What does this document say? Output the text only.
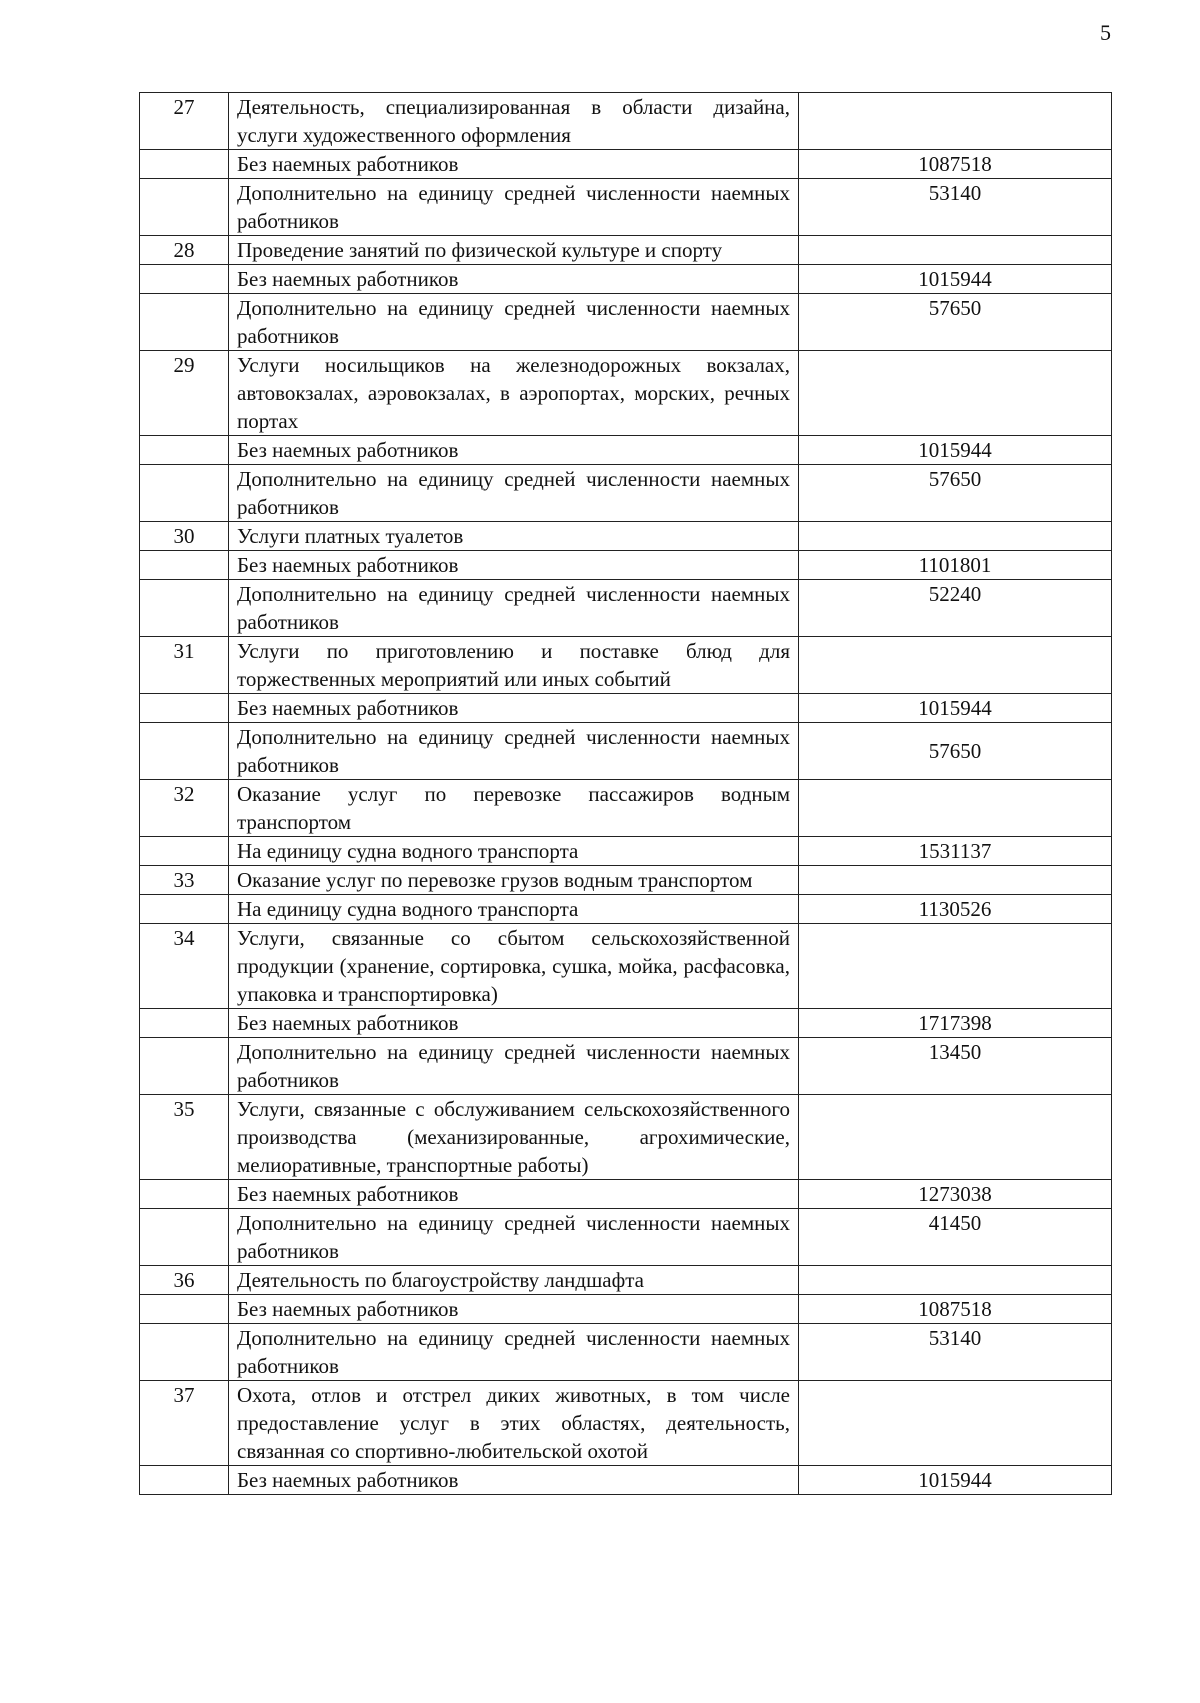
5
27	Деятельность, специализированная в области дизайна, услуги художественного оформления	
	Без наемных работников	1087518
	Дополнительно на единицу средней численности наемных работников	53140
28	Проведение занятий по физической культуре и спорту	
	Без наемных работников	1015944
	Дополнительно на единицу средней численности наемных работников	57650
29	Услуги носильщиков на железнодорожных вокзалах, автовокзалах, аэровокзалах, в аэропортах, морских, речных портах	
	Без наемных работников	1015944
	Дополнительно на единицу средней численности наемных работников	57650
30	Услуги платных туалетов	
	Без наемных работников	1101801
	Дополнительно на единицу средней численности наемных работников	52240
31	Услуги по приготовлению и поставке блюд для торжественных мероприятий или иных событий	
	Без наемных работников	1015944
	Дополнительно на единицу средней численности наемных работников	57650
32	Оказание услуг по перевозке пассажиров водным транспортом	
	На единицу судна водного транспорта	1531137
33	Оказание услуг по перевозке грузов водным транспортом	
	На единицу судна водного транспорта	1130526
34	Услуги, связанные со сбытом сельскохозяйственной продукции (хранение, сортировка, сушка, мойка, расфасовка, упаковка и транспортировка)	
	Без наемных работников	1717398
	Дополнительно на единицу средней численности наемных работников	13450
35	Услуги, связанные с обслуживанием сельскохозяйственного производства (механизированные, агрохимические, мелиоративные, транспортные работы)	
	Без наемных работников	1273038
	Дополнительно на единицу средней численности наемных работников	41450
36	Деятельность по благоустройству ландшафта	
	Без наемных работников	1087518
	Дополнительно на единицу средней численности наемных работников	53140
37	Охота, отлов и отстрел диких животных, в том числе предоставление услуг в этих областях, деятельность, связанная со спортивно-любительской охотой	
	Без наемных работников	1015944
